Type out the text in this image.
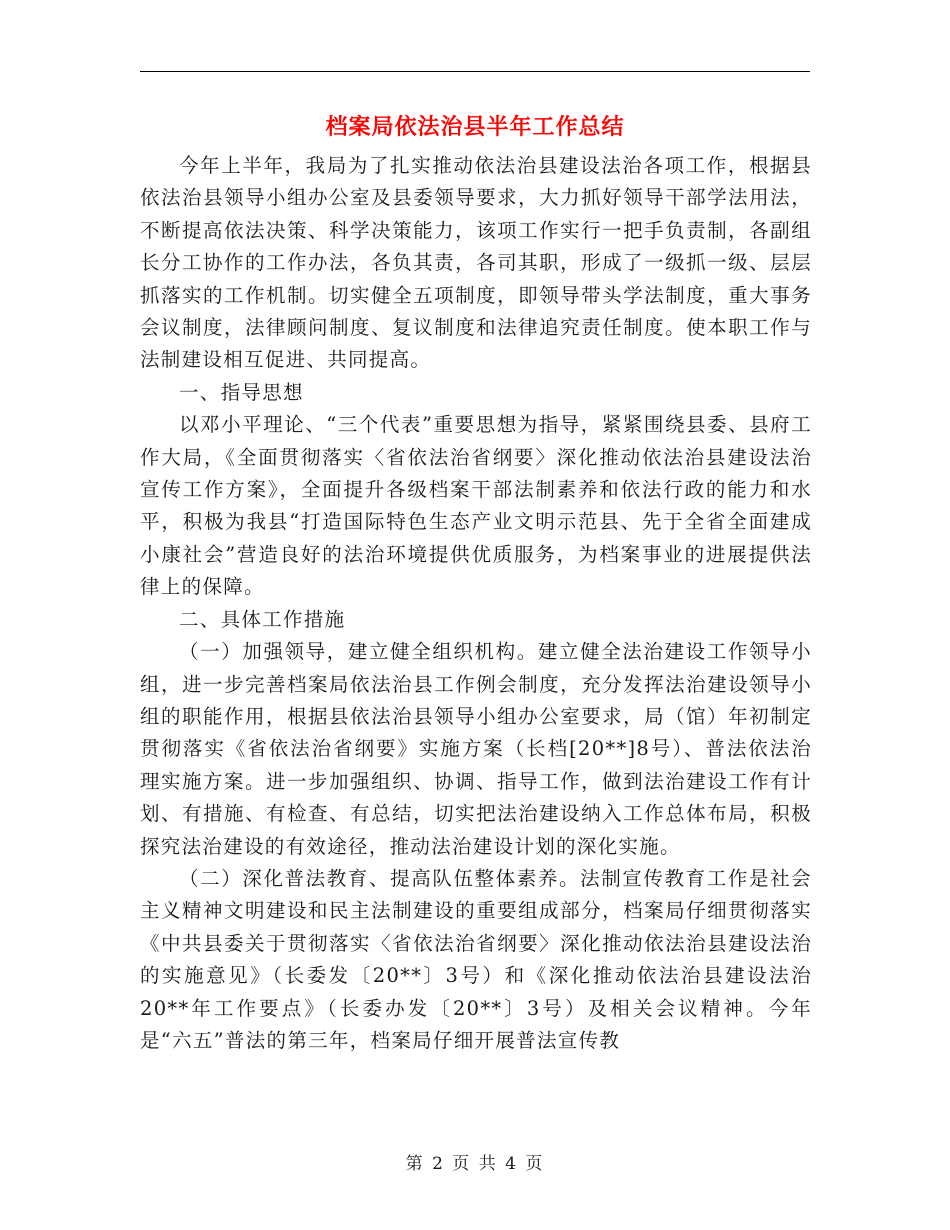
档案局依法治县半年工作总结

今年上半年，我局为了扎实推动依法治县建设法治各项工作，根据县依法治县领导小组办公室及县委领导要求，大力抓好领导干部学法用法，不断提高依法决策、科学决策能力，该项工作实行一把手负责制，各副组长分工协作的工作办法，各负其责，各司其职，形成了一级抓一级、层层抓落实的工作机制。切实健全五项制度，即领导带头学法制度，重大事务会议制度，法律顾问制度、复议制度和法律追究责任制度。使本职工作与法制建设相互促进、共同提高。

一、指导思想

以邓小平理论、“三个代表”重要思想为指导，紧紧围绕县委、县府工作大局，《全面贯彻落实〈省依法治省纲要〉深化推动依法治县建设法治宣传工作方案》，全面提升各级档案干部法制素养和依法行政的能力和水平，积极为我县“打造国际特色生态产业文明示范县、先于全省全面建成小康社会”营造良好的法治环境提供优质服务，为档案事业的进展提供法律上的保障。

二、具体工作措施

（一）加强领导，建立健全组织机构。建立健全法治建设工作领导小组，进一步完善档案局依法治县工作例会制度，充分发挥法治建设领导小组的职能作用，根据县依法治县领导小组办公室要求，局（馆）年初制定贯彻落实《省依法治省纲要》实施方案（长档[20**]8号）、普法依法治理实施方案。进一步加强组织、协调、指导工作，做到法治建设工作有计划、有措施、有检查、有总结，切实把法治建设纳入工作总体布局，积极探究法治建设的有效途径，推动法治建设计划的深化实施。

（二）深化普法教育、提高队伍整体素养。法制宣传教育工作是社会主义精神文明建设和民主法制建设的重要组成部分，档案局仔细贯彻落实《中共县委关于贯彻落实〈省依法治省纲要〉深化推动依法治县建设法治的实施意见》（长委发〔20**〕3号）和《深化推动依法治县建设法治20**年工作要点》（长委办发〔20**〕3号）及相关会议精神。今年是“六五”普法的第三年，档案局仔细开展普法宣传教

第 2 页 共 4 页
